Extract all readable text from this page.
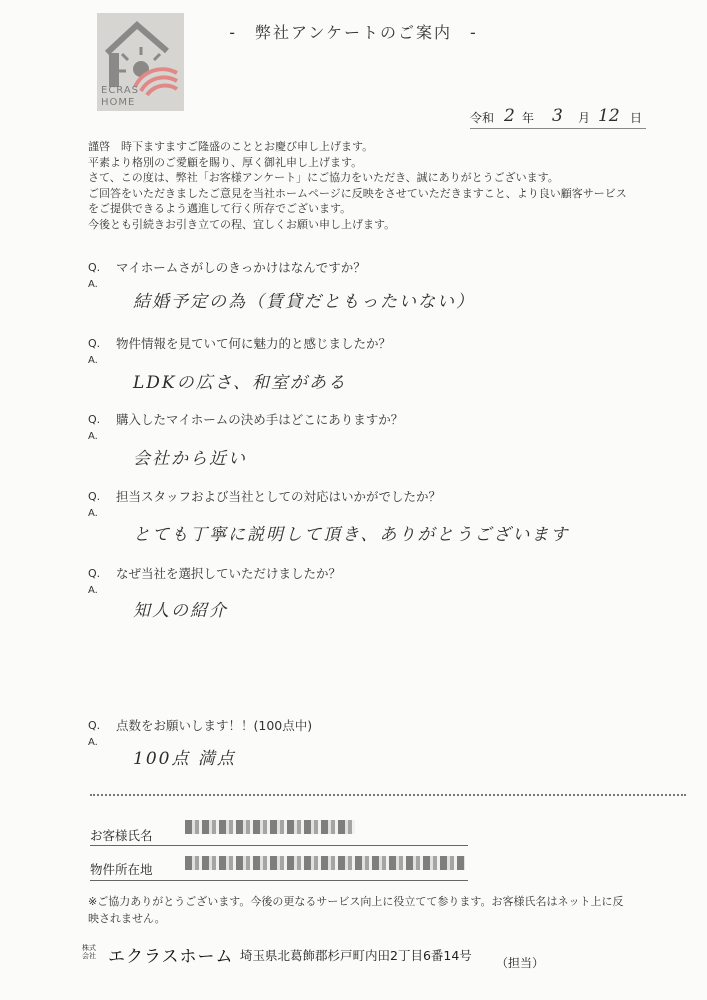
ECRAS
HOME
- 弊社アンケートのご案内 -
令和 2 年 3 月 12 日
謹啓　時下ますますご隆盛のこととお慶び申し上げます。
平素より格別のご愛顧を賜り、厚く御礼申し上げます。
さて、この度は、弊社「お客様アンケート」にご協力をいただき、誠にありがとうございます。
ご回答をいただきましたご意見を当社ホームページに反映をさせていただきますこと、より良い顧客サービス
をご提供できるよう邁進して行く所存でございます。
今後とも引続きお引き立ての程、宜しくお願い申し上げます。
Q. マイホームさがしのきっかけはなんですか？
A.
結婚予定の為（賃貸だともったいない）
Q. 物件情報を見ていて何に魅力的と感じましたか？
A.
LDKの広さ、和室がある
Q. 購入したマイホームの決め手はどこにありますか？
A.
会社から近い
Q. 担当スタッフおよび当社としての対応はいかがでしたか？
A.
とても丁寧に説明して頂き、ありがとうございます
Q. なぜ当社を選択していただけましたか？
A.
知人の紹介
Q. 点数をお願いします！！(100点中)
A.
100点 満点
お客様氏名
物件所在地
※ご協力ありがとうございます。今後の更なるサービス向上に役立てて参ります。お客様氏名はネット上に反
映されません。
株式
会社 エクラスホーム 埼玉県北葛飾郡杉戸町内田2丁目6番14号 （担当）
